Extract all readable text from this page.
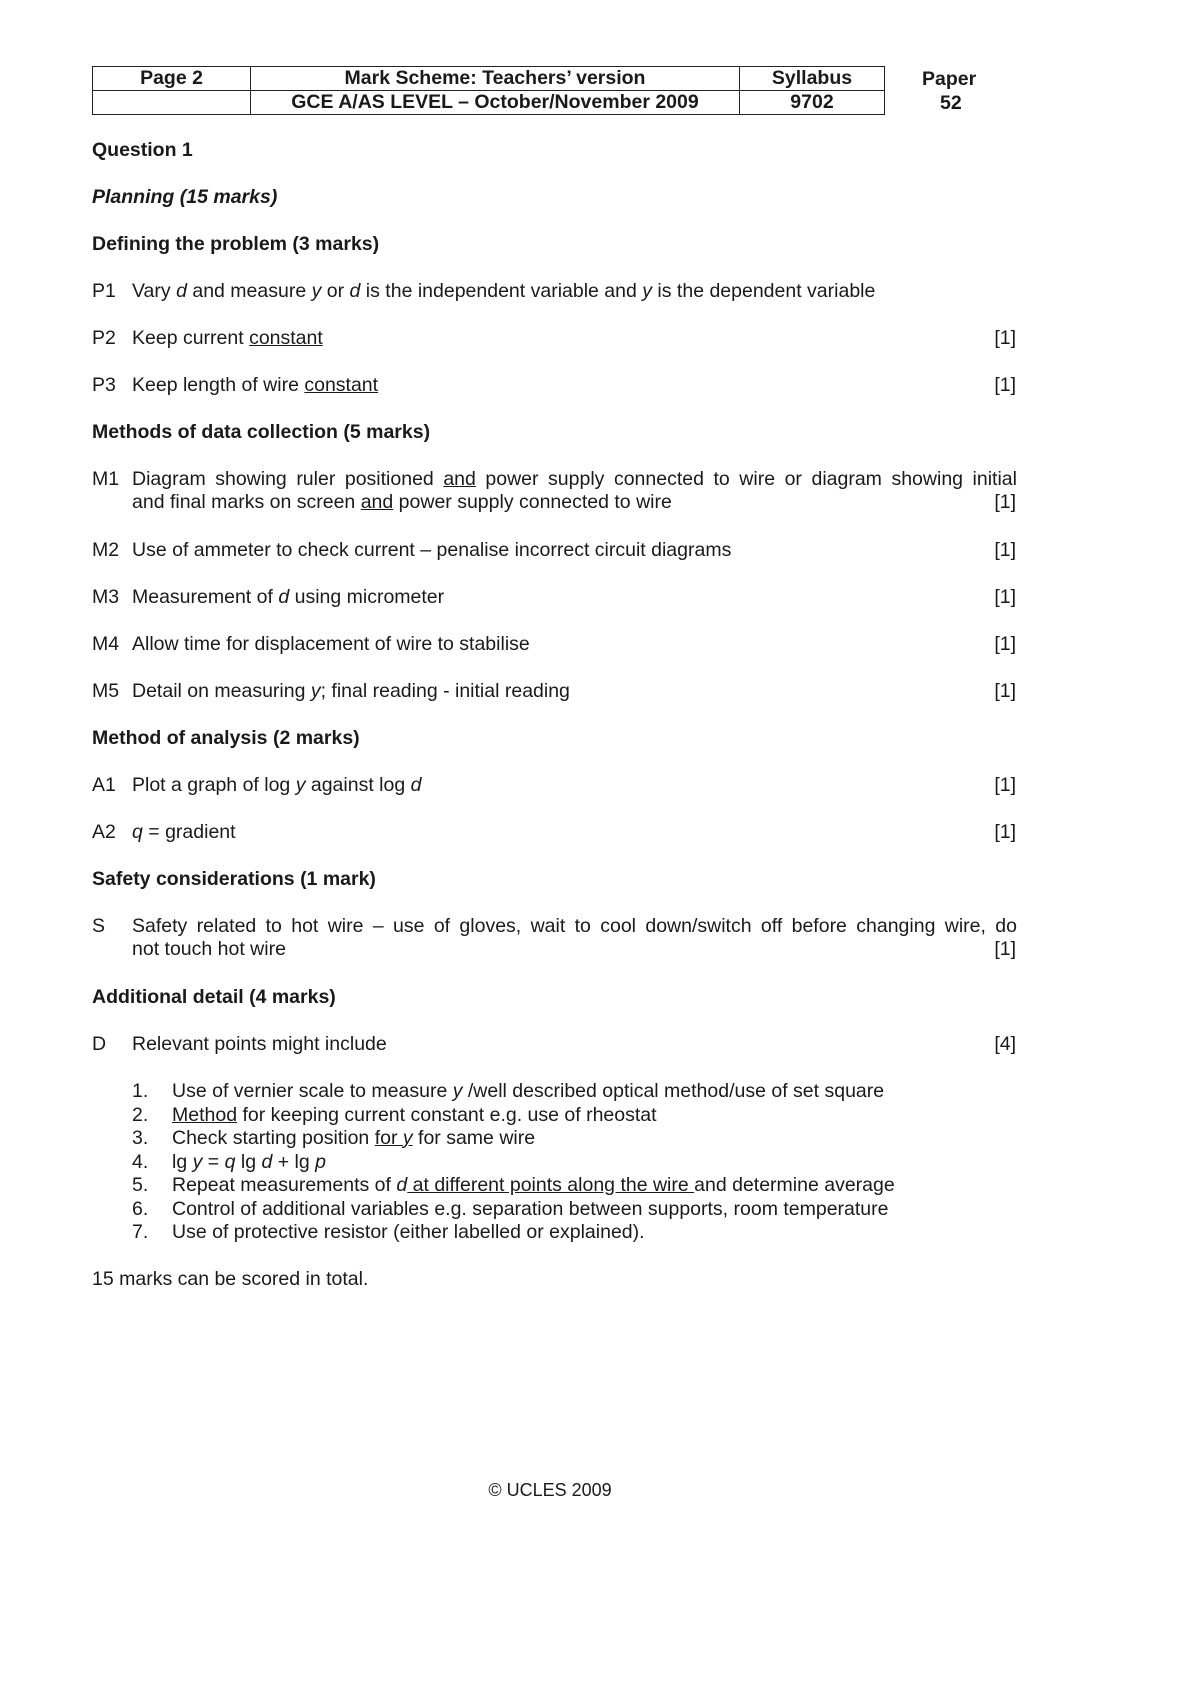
Page 2	Mark Scheme: Teachers’ version	Syllabus	
	GCE A/AS LEVEL – October/November 2009	9702	
Paper
52
Question 1
Planning (15 marks)
Defining the problem (3 marks)
P1 Vary d and measure y or d is the independent variable and y is the dependent variable
P2 Keep current constant	[1]
P3 Keep length of wire constant	[1]
Methods of data collection (5 marks)
M1 Diagram showing ruler positioned and power supply connected to wire or diagram showing initial
and final marks on screen and power supply connected to wire	[1]
M2 Use of ammeter to check current – penalise incorrect circuit diagrams	[1]
M3 Measurement of d using micrometer	[1]
M4 Allow time for displacement of wire to stabilise	[1]
M5 Detail on measuring y; final reading - initial reading	[1]
Method of analysis (2 marks)
A1 Plot a graph of log y against log d	[1]
A2 q = gradient	[1]
Safety considerations (1 mark)
S Safety related to hot wire – use of gloves, wait to cool down/switch off before changing wire, do
not touch hot wire	[1]
Additional detail (4 marks)
D Relevant points might include	[4]
1. Use of vernier scale to measure y /well described optical method/use of set square
2. Method for keeping current constant e.g. use of rheostat
3. Check starting position for y for same wire
4. lg y = q lg d + lg p
5. Repeat measurements of d at different points along the wire and determine average
6. Control of additional variables e.g. separation between supports, room temperature
7. Use of protective resistor (either labelled or explained).
15 marks can be scored in total.
© UCLES 2009
